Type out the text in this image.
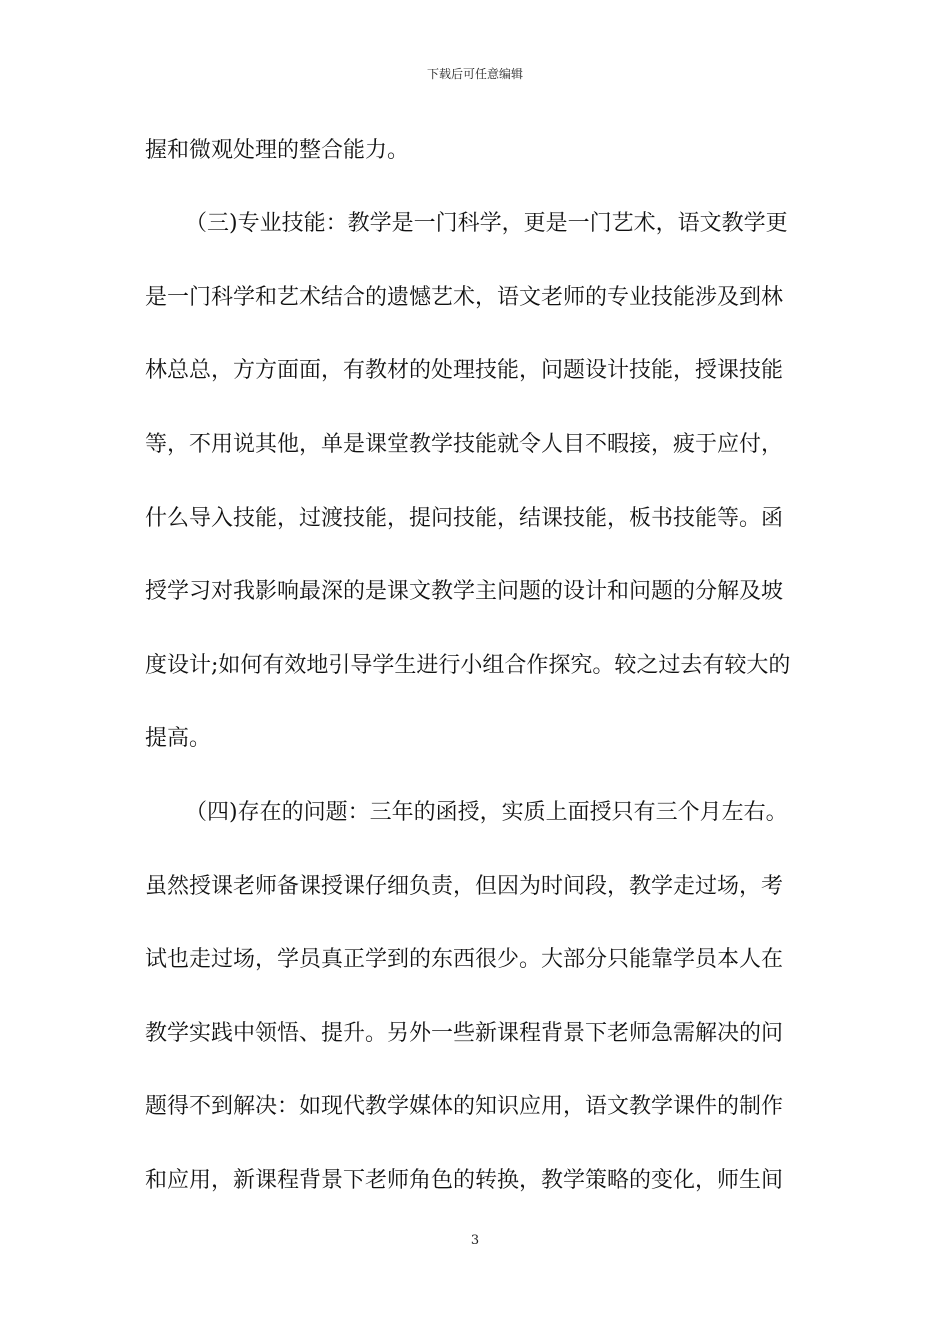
下载后可任意编辑
握和微观处理的整合能力。
（三)专业技能：教学是一门科学，更是一门艺术，语文教学更
是一门科学和艺术结合的遗憾艺术，语文老师的专业技能涉及到林
林总总，方方面面，有教材的处理技能，问题设计技能，授课技能
等，不用说其他，单是课堂教学技能就令人目不暇接，疲于应付，
什么导入技能，过渡技能，提问技能，结课技能，板书技能等。函
授学习对我影响最深的是课文教学主问题的设计和问题的分解及坡
度设计;如何有效地引导学生进行小组合作探究。较之过去有较大的
提高。
（四)存在的问题：三年的函授，实质上面授只有三个月左右。
虽然授课老师备课授课仔细负责，但因为时间段，教学走过场，考
试也走过场，学员真正学到的东西很少。大部分只能靠学员本人在
教学实践中领悟、提升。另外一些新课程背景下老师急需解决的问
题得不到解决：如现代教学媒体的知识应用，语文教学课件的制作
和应用，新课程背景下老师角色的转换，教学策略的变化，师生间
3
